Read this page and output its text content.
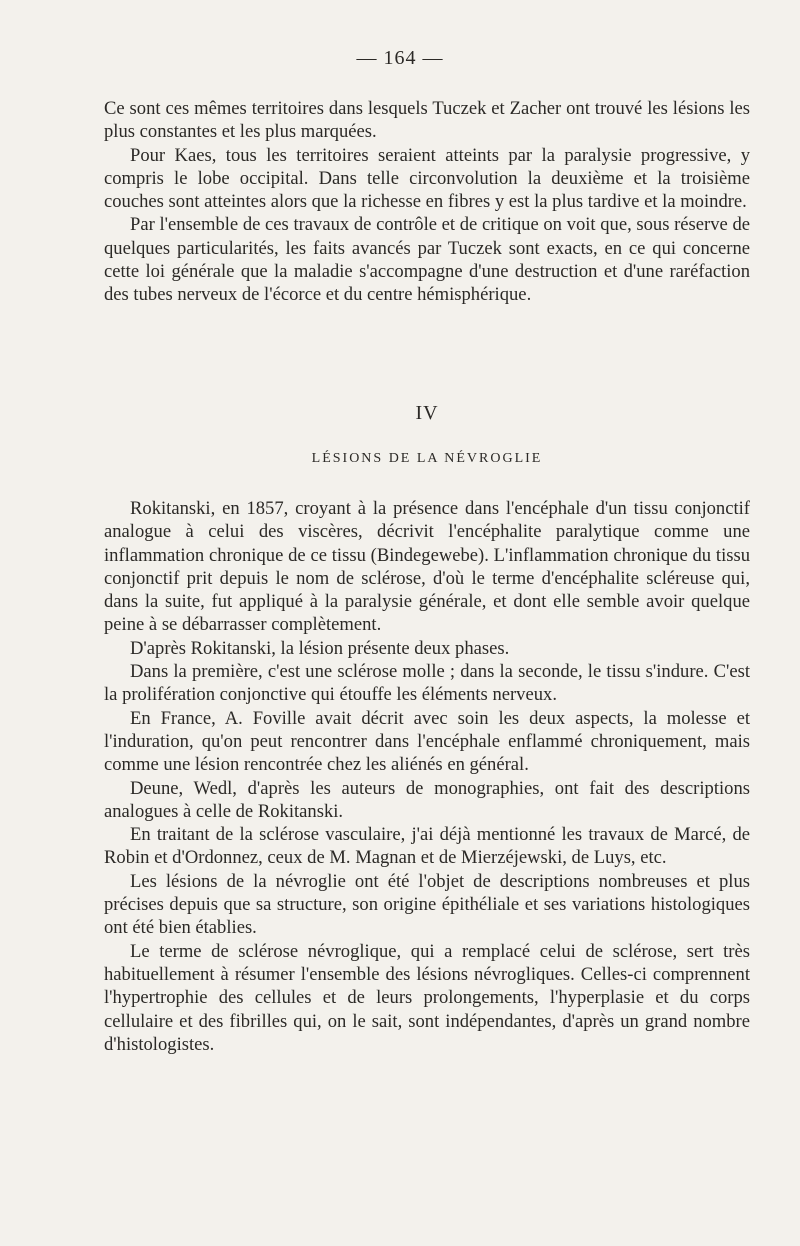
— 164 —

Ce sont ces mêmes territoires dans lesquels Tuczek et Zacher ont trouvé les lésions les plus constantes et les plus marquées.

Pour Kaes, tous les territoires seraient atteints par la paralysie progressive, y compris le lobe occipital. Dans telle circonvolution la deuxième et la troisième couches sont atteintes alors que la richesse en fibres y est la plus tardive et la moindre.

Par l'ensemble de ces travaux de contrôle et de critique on voit que, sous réserve de quelques particularités, les faits avancés par Tuczek sont exacts, en ce qui concerne cette loi générale que la maladie s'accompagne d'une destruction et d'une raréfaction des tubes nerveux de l'écorce et du centre hémisphérique.

IV
LÉSIONS DE LA NÉVROGLIE

Rokitanski, en 1857, croyant à la présence dans l'encéphale d'un tissu conjonctif analogue à celui des viscères, décrivit l'encéphalite paralytique comme une inflammation chronique de ce tissu (Bindegewebe). L'inflammation chronique du tissu conjonctif prit depuis le nom de sclérose, d'où le terme d'encéphalite scléreuse qui, dans la suite, fut appliqué à la paralysie générale, et dont elle semble avoir quelque peine à se débarrasser complètement.

D'après Rokitanski, la lésion présente deux phases.

Dans la première, c'est une sclérose molle ; dans la seconde, le tissu s'indure. C'est la prolifération conjonctive qui étouffe les éléments nerveux.

En France, A. Foville avait décrit avec soin les deux aspects, la molesse et l'induration, qu'on peut rencontrer dans l'encéphale enflammé chroniquement, mais comme une lésion rencontrée chez les aliénés en général.

Deune, Wedl, d'après les auteurs de monographies, ont fait des descriptions analogues à celle de Rokitanski.

En traitant de la sclérose vasculaire, j'ai déjà mentionné les travaux de Marcé, de Robin et d'Ordonnez, ceux de M. Magnan et de Mierzéjewski, de Luys, etc.

Les lésions de la névroglie ont été l'objet de descriptions nombreuses et plus précises depuis que sa structure, son origine épithéliale et ses variations histologiques ont été bien établies.

Le terme de sclérose névroglique, qui a remplacé celui de sclérose, sert très habituellement à résumer l'ensemble des lésions névrogliques. Celles-ci comprennent l'hypertrophie des cellules et de leurs prolongements, l'hyperplasie et du corps cellulaire et des fibrilles qui, on le sait, sont indépendantes, d'après un grand nombre d'histologistes.
